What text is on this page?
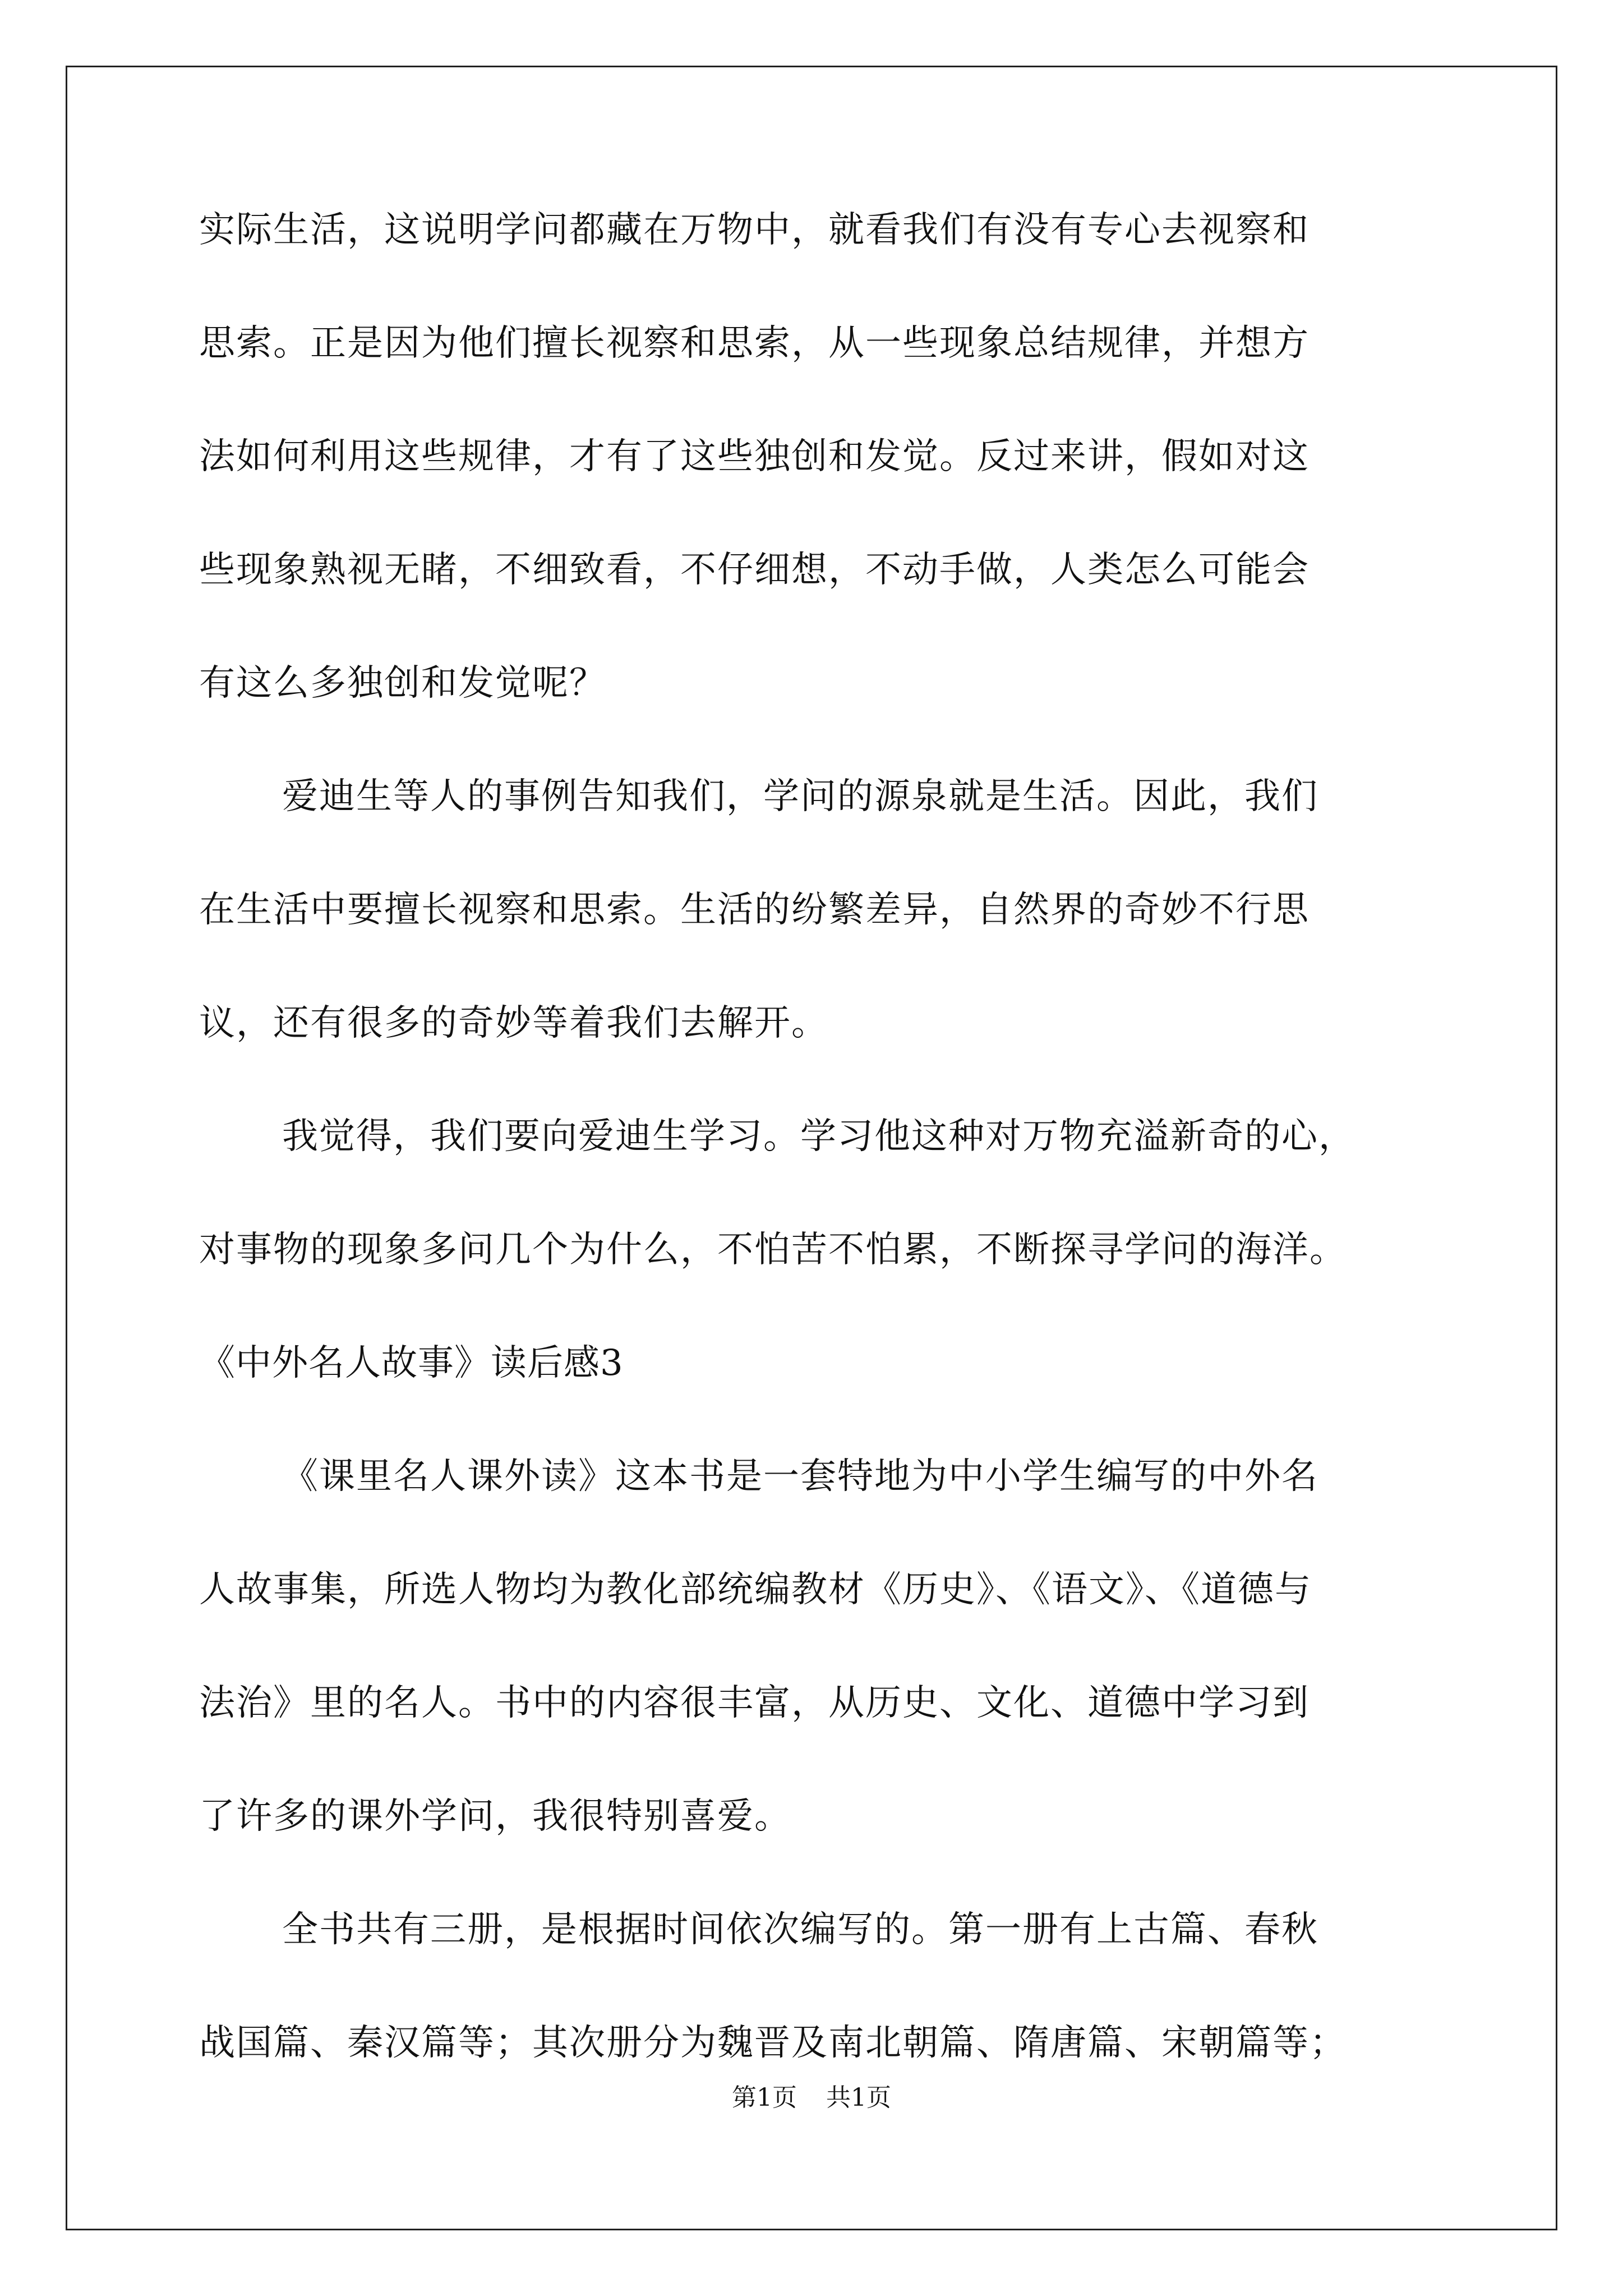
实际生活，这说明学问都藏在万物中，就看我们有没有专心去视察和
思索。正是因为他们擅长视察和思索，从一些现象总结规律，并想方
法如何利用这些规律，才有了这些独创和发觉。反过来讲，假如对这
些现象熟视无睹，不细致看，不仔细想，不动手做，人类怎么可能会
有这么多独创和发觉呢？
爱迪生等人的事例告知我们，学问的源泉就是生活。因此，我们
在生活中要擅长视察和思索。生活的纷繁差异，自然界的奇妙不行思
议，还有很多的奇妙等着我们去解开。
我觉得，我们要向爱迪生学习。学习他这种对万物充溢新奇的心，
对事物的现象多问几个为什么，不怕苦不怕累，不断探寻学问的海洋。
《中外名人故事》读后感3
《课里名人课外读》这本书是一套特地为中小学生编写的中外名
人故事集，所选人物均为教化部统编教材《历史》、《语文》、《道德与
法治》里的名人。书中的内容很丰富，从历史、文化、道德中学习到
了许多的课外学问，我很特别喜爱。
全书共有三册，是根据时间依次编写的。第一册有上古篇、春秋
战国篇、秦汉篇等；其次册分为魏晋及南北朝篇、隋唐篇、宋朝篇等；
第1页 共1页
